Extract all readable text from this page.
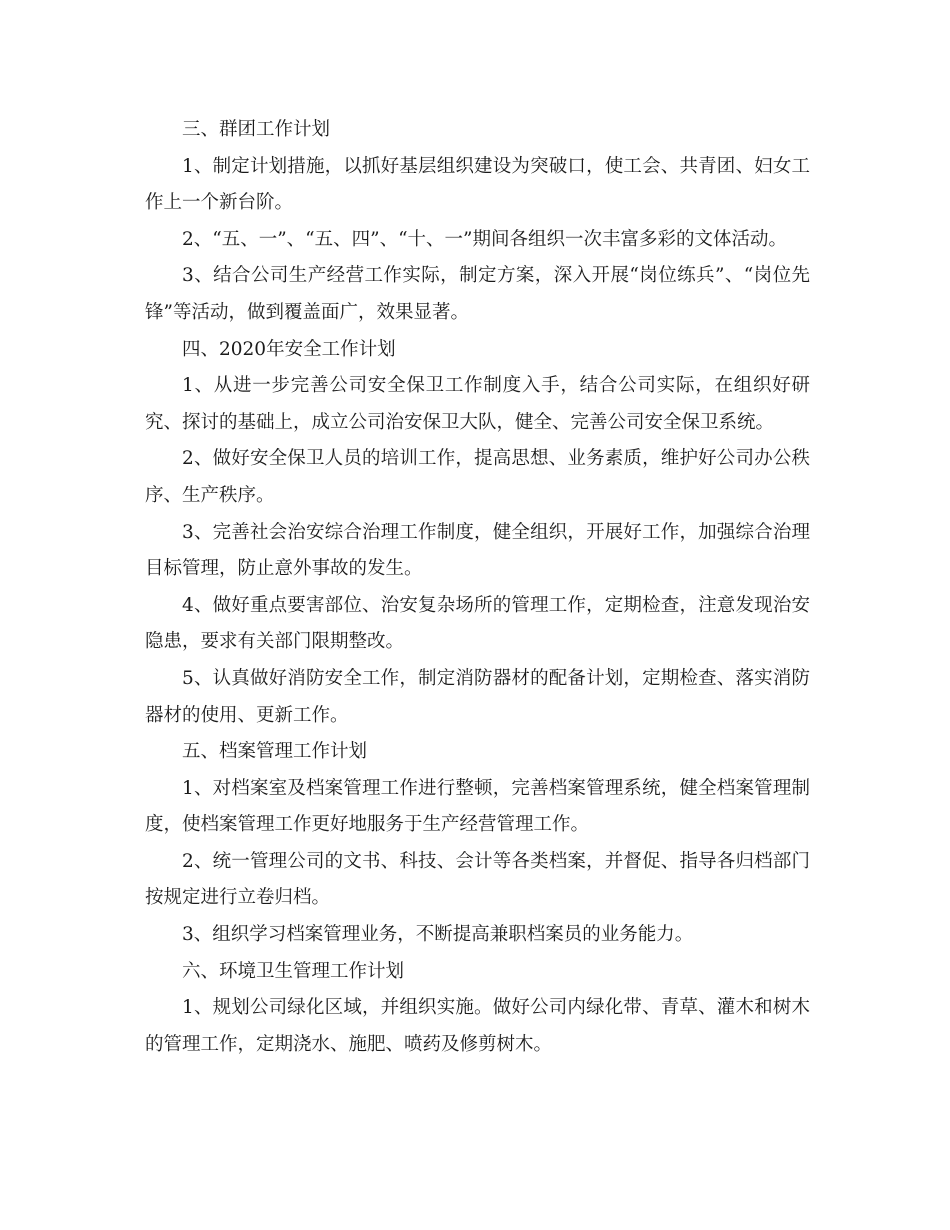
三、群团工作计划

1、制定计划措施，以抓好基层组织建设为突破口，使工会、共青团、妇女工作上一个新台阶。

2、“五、一”、“五、四”、“十、一”期间各组织一次丰富多彩的文体活动。

3、结合公司生产经营工作实际，制定方案，深入开展“岗位练兵”、“岗位先锋”等活动，做到覆盖面广，效果显著。

四、2020年安全工作计划

1、从进一步完善公司安全保卫工作制度入手，结合公司实际，在组织好研究、探讨的基础上，成立公司治安保卫大队，健全、完善公司安全保卫系统。

2、做好安全保卫人员的培训工作，提高思想、业务素质，维护好公司办公秩序、生产秩序。

3、完善社会治安综合治理工作制度，健全组织，开展好工作，加强综合治理目标管理，防止意外事故的发生。

4、做好重点要害部位、治安复杂场所的管理工作，定期检查，注意发现治安隐患，要求有关部门限期整改。

5、认真做好消防安全工作，制定消防器材的配备计划，定期检查、落实消防器材的使用、更新工作。

五、档案管理工作计划

1、对档案室及档案管理工作进行整顿，完善档案管理系统，健全档案管理制度，使档案管理工作更好地服务于生产经营管理工作。

2、统一管理公司的文书、科技、会计等各类档案，并督促、指导各归档部门按规定进行立卷归档。

3、组织学习档案管理业务，不断提高兼职档案员的业务能力。

六、环境卫生管理工作计划

1、规划公司绿化区域，并组织实施。做好公司内绿化带、青草、灌木和树木的管理工作，定期浇水、施肥、喷药及修剪树木。
